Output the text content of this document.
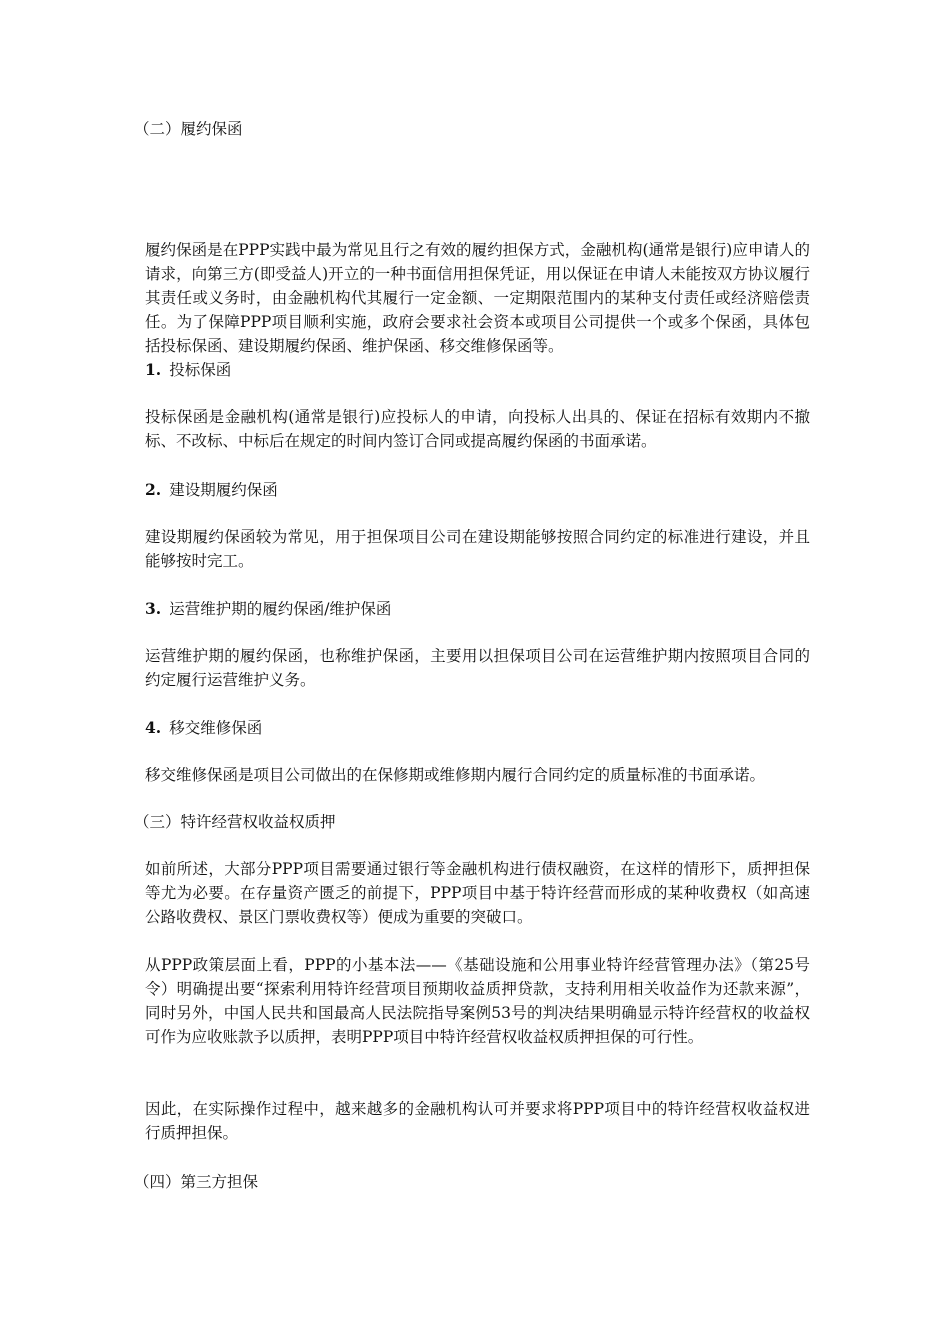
（二）履约保函

履约保函是在PPP实践中最为常见且行之有效的履约担保方式，金融机构(通常是银行)应申请人的请求，向第三方(即受益人)开立的一种书面信用担保凭证，用以保证在申请人未能按双方协议履行其责任或义务时，由金融机构代其履行一定金额、一定期限范围内的某种支付责任或经济赔偿责任。为了保障PPP项目顺利实施，政府会要求社会资本或项目公司提供一个或多个保函，具体包括投标保函、建设期履约保函、维护保函、移交维修保函等。

1. 投标保函

投标保函是金融机构(通常是银行)应投标人的申请，向投标人出具的、保证在招标有效期内不撤标、不改标、中标后在规定的时间内签订合同或提高履约保函的书面承诺。

2. 建设期履约保函

建设期履约保函较为常见，用于担保项目公司在建设期能够按照合同约定的标准进行建设，并且能够按时完工。

3. 运营维护期的履约保函/维护保函

运营维护期的履约保函，也称维护保函，主要用以担保项目公司在运营维护期内按照项目合同的约定履行运营维护义务。

4. 移交维修保函

移交维修保函是项目公司做出的在保修期或维修期内履行合同约定的质量标准的书面承诺。

（三）特许经营权收益权质押

如前所述，大部分PPP项目需要通过银行等金融机构进行债权融资，在这样的情形下，质押担保等尤为必要。在存量资产匮乏的前提下，PPP项目中基于特许经营而形成的某种收费权（如高速公路收费权、景区门票收费权等）便成为重要的突破口。

从PPP政策层面上看，PPP的小基本法——《基础设施和公用事业特许经营管理办法》（第25号令）明确提出要“探索利用特许经营项目预期收益质押贷款，支持利用相关收益作为还款来源”，同时另外，中国人民共和国最高人民法院指导案例53号的判决结果明确显示特许经营权的收益权可作为应收账款予以质押，表明PPP项目中特许经营权收益权质押担保的可行性。

因此，在实际操作过程中，越来越多的金融机构认可并要求将PPP项目中的特许经营权收益权进行质押担保。

（四）第三方担保
